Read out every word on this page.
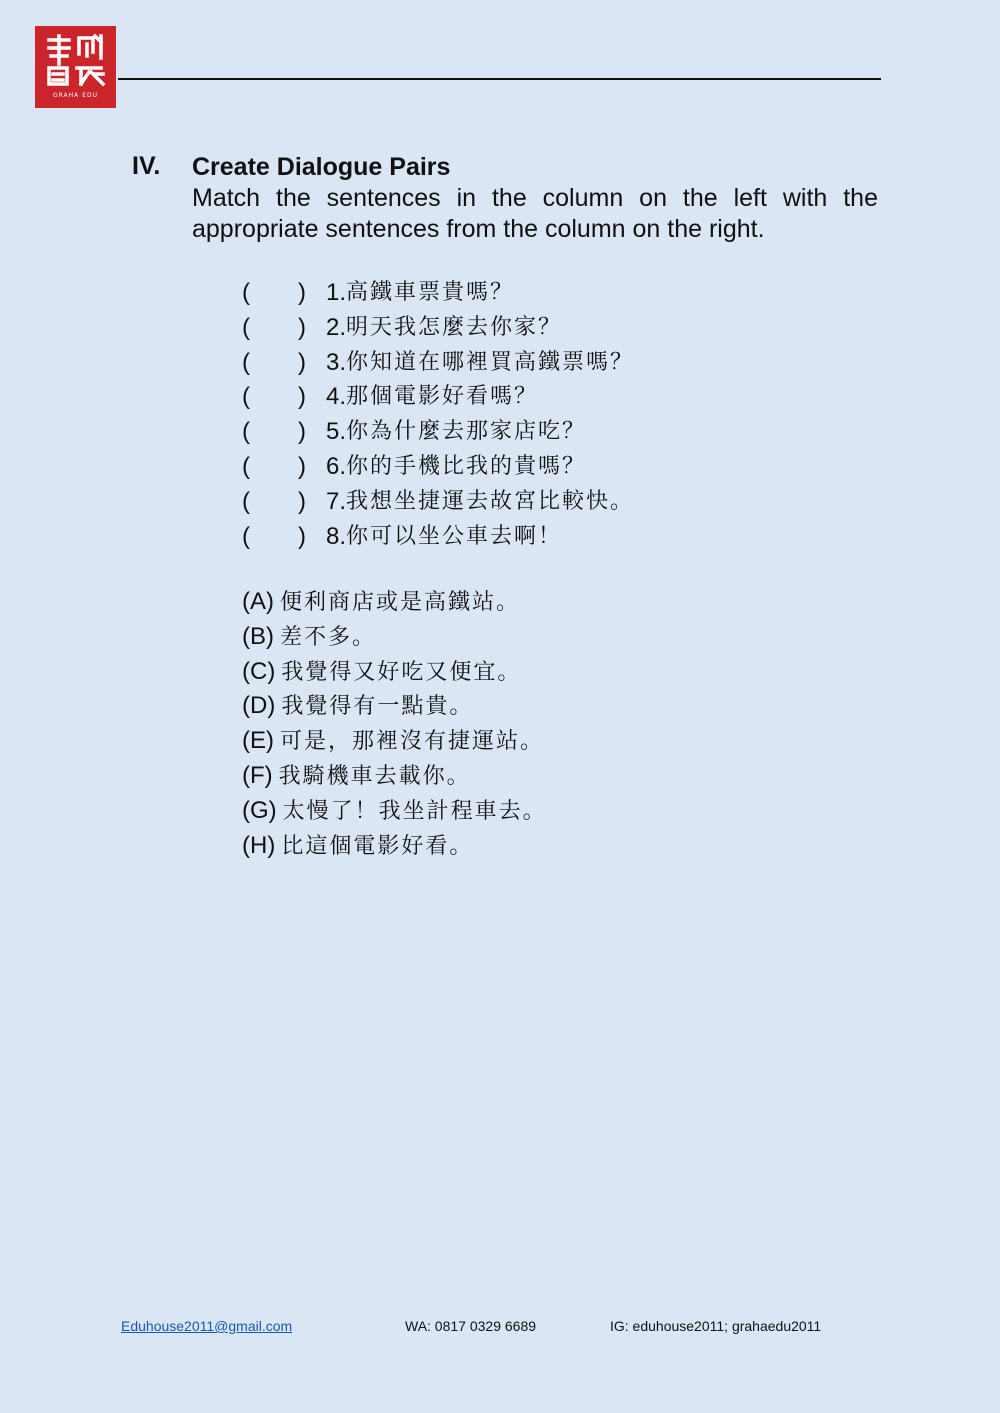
GRAHA EDU
IV. Create Dialogue Pairs

Match the sentences in the column on the left with the appropriate sentences from the column on the right.

(　　) 1. 高鐵車票貴嗎？
(　　) 2. 明天我怎麼去你家？
(　　) 3. 你知道在哪裡買高鐵票嗎？
(　　) 4. 那個電影好看嗎？
(　　) 5. 你為什麼去那家店吃？
(　　) 6. 你的手機比我的貴嗎？
(　　) 7. 我想坐捷運去故宮比較快。
(　　) 8. 你可以坐公車去啊！
(A) 便利商店或是高鐵站。
(B) 差不多。
(C) 我覺得又好吃又便宜。
(D) 我覺得有一點貴。
(E) 可是，那裡沒有捷運站。
(F) 我騎機車去載你。
(G) 太慢了！我坐計程車去。
(H) 比這個電影好看。
Eduhouse2011@gmail.com	WA: 0817 0329 6689	IG: eduhouse2011; grahaedu2011
